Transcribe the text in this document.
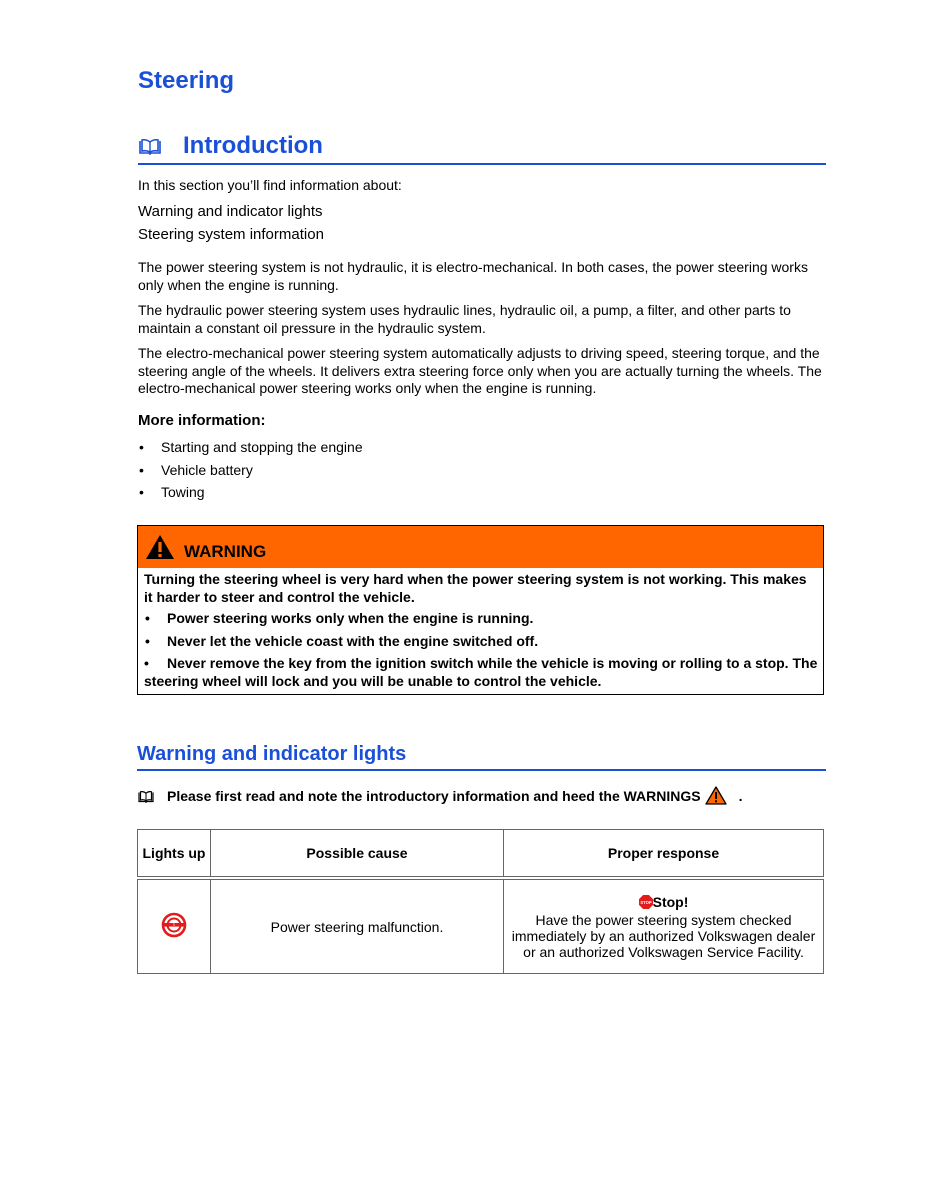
Steering
Introduction
In this section you’ll find information about:
Warning and indicator lights
Steering system information
The power steering system is not hydraulic, it is electro-mechanical. In both cases, the power steering works only when the engine is running.
The hydraulic power steering system uses hydraulic lines, hydraulic oil, a pump, a filter, and other parts to maintain a constant oil pressure in the hydraulic system.
The electro-mechanical power steering system automatically adjusts to driving speed, steering torque, and the steering angle of the wheels. It delivers extra steering force only when you are actually turning the wheels. The electro-mechanical power steering works only when the engine is running.
More information:
• Starting and stopping the engine
• Vehicle battery
• Towing
WARNING

Turning the steering wheel is very hard when the power steering system is not working. This makes it harder to steer and control the vehicle.

• Power steering works only when the engine is running.
• Never let the vehicle coast with the engine switched off.
• Never remove the key from the ignition switch while the vehicle is moving or rolling to a stop. The steering wheel will lock and you will be unable to control the vehicle.
Warning and indicator lights
Please first read and note the introductory information and heed the WARNINGS	.
Lights up	Possible cause	Proper response

!	Power steering malfunction.	STOP Stop!
Have the power steering system checked immediately by an authorized Volkswagen dealer or an authorized Volkswagen Service Facility.
